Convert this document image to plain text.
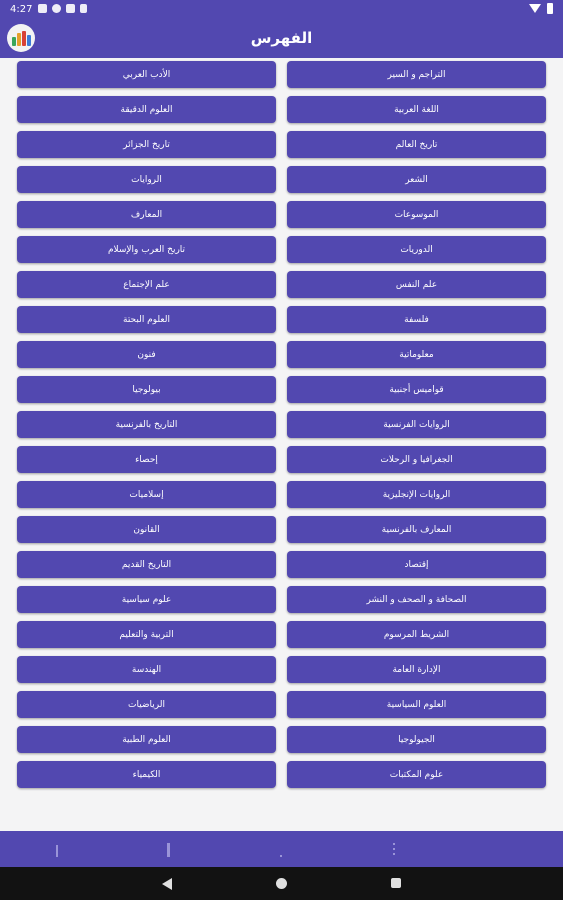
4:27
الفهرس
التراجم و السير
الأدب العربي
اللغة العربية
العلوم الدقيقة
تاريخ العالم
تاريخ الجزائر
الشعر
الروايات
الموسوعات
المعارف
الدوريات
تاريخ العرب والإسلام
علم النفس
علم الإجتماع
فلسفة
العلوم البحتة
معلوماتية
فنون
قواميس أجنبية
بيولوجيا
الروايات الفرنسية
التاريخ بالفرنسية
الجغرافيا و الرحلات
إحصاء
الروايات الإنجليزية
إسلاميات
المعارف بالفرنسية
القانون
إقتصاد
التاريخ القديم
الصحافة و الصحف و النشر
علوم سياسية
الشريط المرسوم
التربية والتعليم
الإدارة العامة
الهندسة
العلوم السياسية
الرياضيات
الجيولوجيا
العلوم الطبية
علوم المكتبات
الكيمياء
